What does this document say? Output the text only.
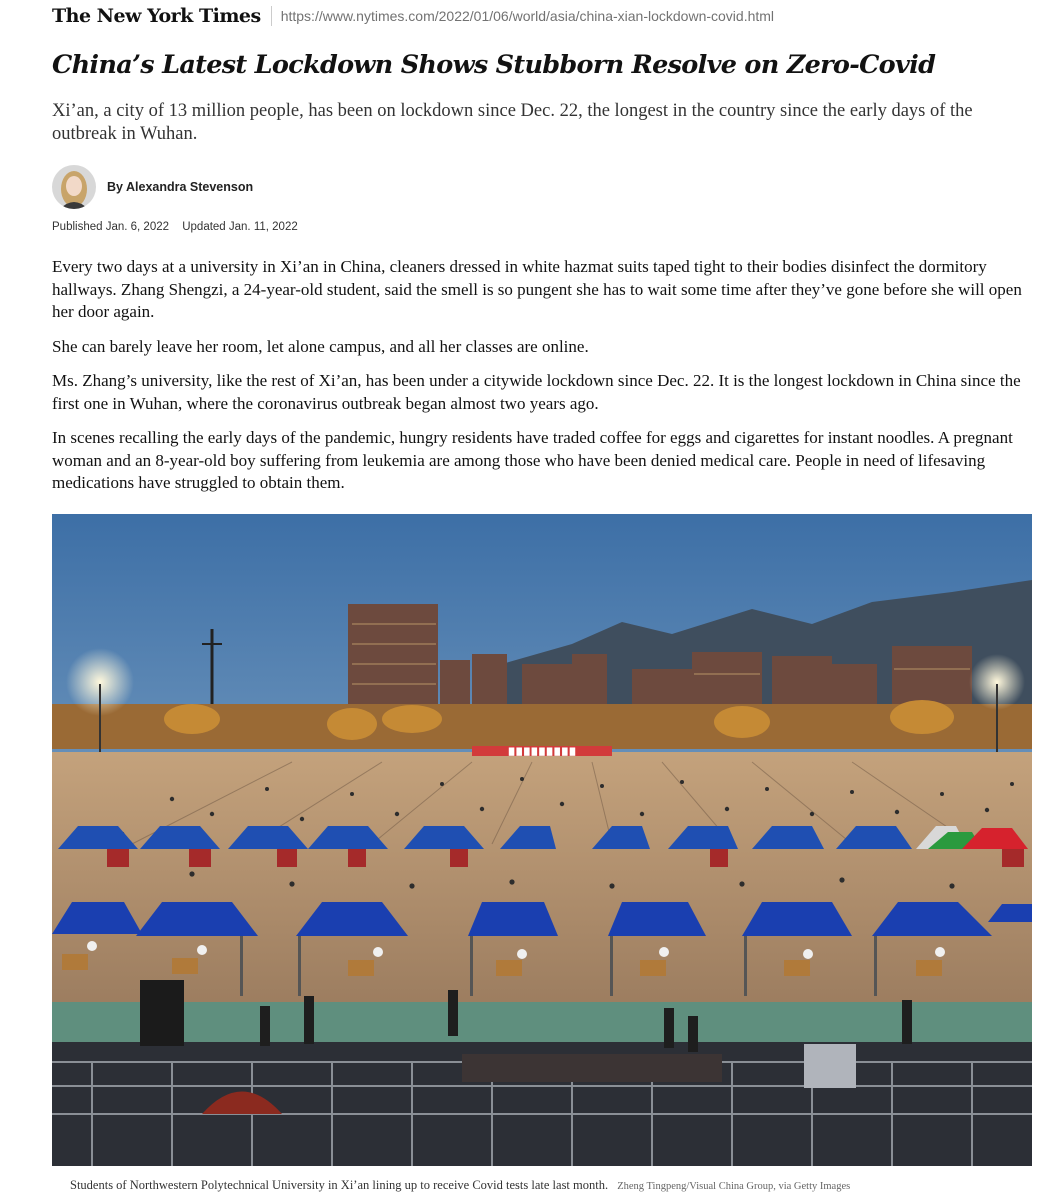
The New York Times https://www.nytimes.com/2022/01/06/world/asia/china-xian-lockdown-covid.html
China’s Latest Lockdown Shows Stubborn Resolve on Zero-Covid

Xi’an, a city of 13 million people, has been on lockdown since Dec. 22, the longest in the country since the early days of the outbreak in Wuhan.

By Alexandra Stevenson
Published Jan. 6, 2022 Updated Jan. 11, 2022

Every two days at a university in Xi’an in China, cleaners dressed in white hazmat suits taped tight to their bodies disinfect the dormitory hallways. Zhang Shengzi, a 24-year-old student, said the smell is so pungent she has to wait some time after they’ve gone before she will open her door again.

She can barely leave her room, let alone campus, and all her classes are online.

Ms. Zhang’s university, like the rest of Xi’an, has been under a citywide lockdown since Dec. 22. It is the longest lockdown in China since the first one in Wuhan, where the coronavirus outbreak began almost two years ago.

In scenes recalling the early days of the pandemic, hungry residents have traded coffee for eggs and cigarettes for instant noodles. A pregnant woman and an 8-year-old boy suffering from leukemia are among those who have been denied medical care. People in need of lifesaving medications have struggled to obtain them.

█ █ █ █ █ █ █ █ █
Students of Northwestern Polytechnical University in Xi’an lining up to receive Covid tests late last month. Zheng Tingpeng/Visual China Group, via Getty Images
